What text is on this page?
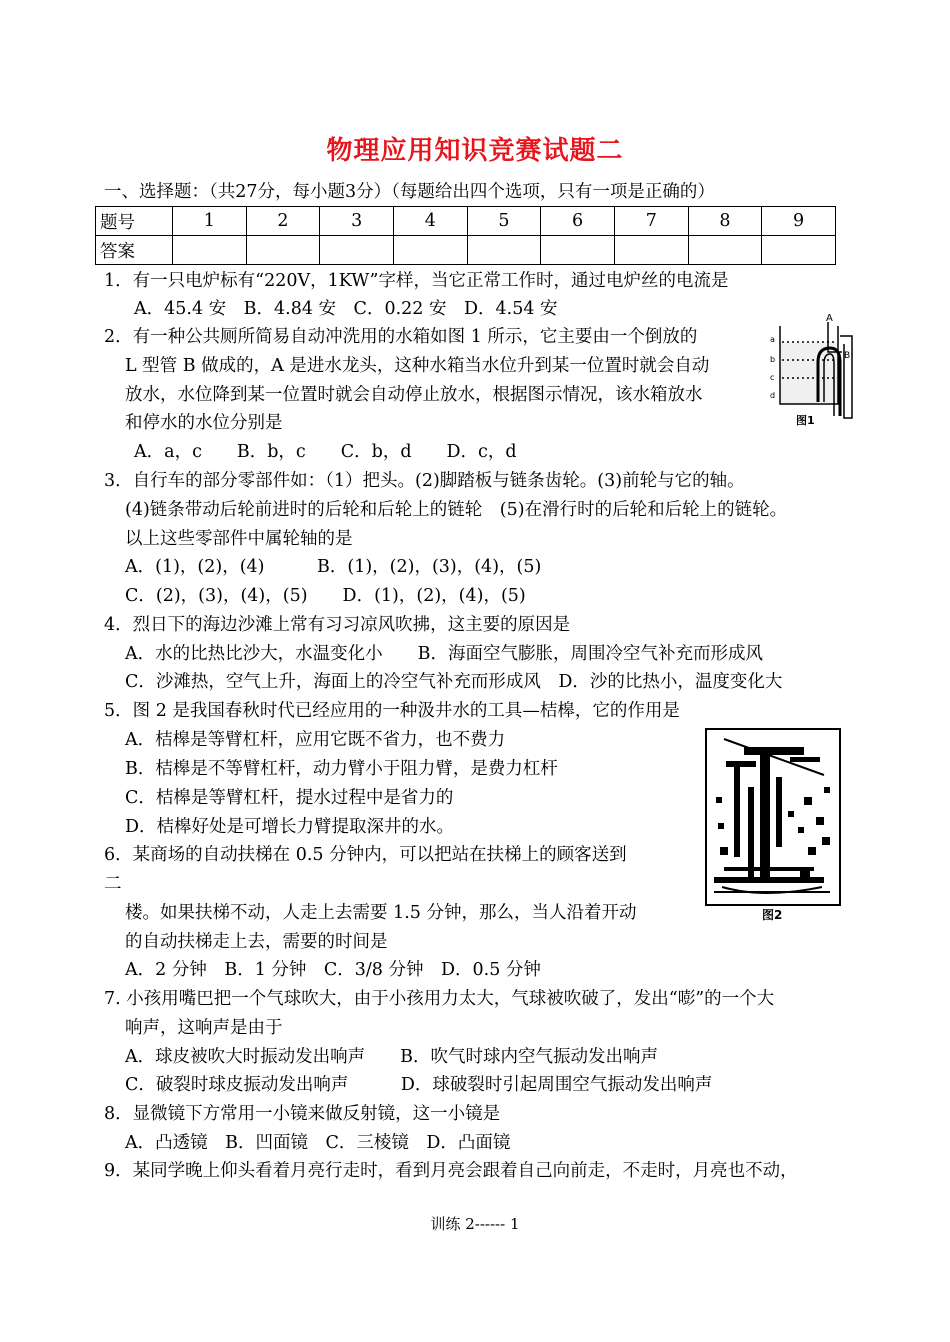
物理应用知识竞赛试题二
一、选择题：（共27分，每小题3分）（每题给出四个选项，只有一项是正确的）
题号	1	2	3	4	5	6	7	8	9
答案									
1．有一只电炉标有“220V，1KW”字样，当它正常工作时，通过电炉丝的电流是
A．45.4 安　B．4.84 安　C．0.22 安　D．4.54 安
2．有一种公共厕所简易自动冲洗用的水箱如图 1 所示，它主要由一个倒放的
L 型管 B 做成的，A 是进水龙头，这种水箱当水位升到某一位置时就会自动
放水，水位降到某一位置时就会自动停止放水，根据图示情况，该水箱放水
和停水的水位分别是
A．a，c　　B．b，c　　C．b，d　　D．c，d
a
b
c
d
A
B
图1
3．自行车的部分零部件如：（1）把头。(2)脚踏板与链条齿轮。(3)前轮与它的轴。
(4)链条带动后轮前进时的后轮和后轮上的链轮　(5)在滑行时的后轮和后轮上的链轮。
以上这些零部件中属轮轴的是
A．(1)，(2)，(4)　　　B．(1)，(2)，(3)，(4)，(5)
C．(2)，(3)，(4)，(5)　　D．(1)，(2)，(4)，(5)
4．烈日下的海边沙滩上常有习习凉风吹拂，这主要的原因是
A．水的比热比沙大，水温变化小　　B．海面空气膨胀，周围冷空气补充而形成风
C．沙滩热，空气上升，海面上的冷空气补充而形成风　D．沙的比热小，温度变化大
5．图 2 是我国春秋时代已经应用的一种汲井水的工具—桔槔，它的作用是
A．桔槔是等臂杠杆，应用它既不省力，也不费力
B．桔槔是不等臂杠杆，动力臂小于阻力臂，是费力杠杆
C．桔槔是等臂杠杆，提水过程中是省力的
D．桔槔好处是可增长力臂提取深井的水。
图2
6．某商场的自动扶梯在 0.5 分钟内，可以把站在扶梯上的顾客送到
二
楼。如果扶梯不动，人走上去需要 1.5 分钟，那么，当人沿着开动
的自动扶梯走上去，需要的时间是
A．2 分钟　B．1 分钟　C．3/8 分钟　D．0.5 分钟
7. 小孩用嘴巴把一个气球吹大，由于小孩用力太大，气球被吹破了，发出“嘭”的一个大
响声，这响声是由于
A．球皮被吹大时振动发出响声　　B．吹气时球内空气振动发出响声
C．破裂时球皮振动发出响声　　　D．球破裂时引起周围空气振动发出响声
8．显微镜下方常用一小镜来做反射镜，这一小镜是
A．凸透镜　B．凹面镜　C．三棱镜　D．凸面镜
9．某同学晚上仰头看着月亮行走时，看到月亮会跟着自己向前走，不走时，月亮也不动，
训练 2------ 1
